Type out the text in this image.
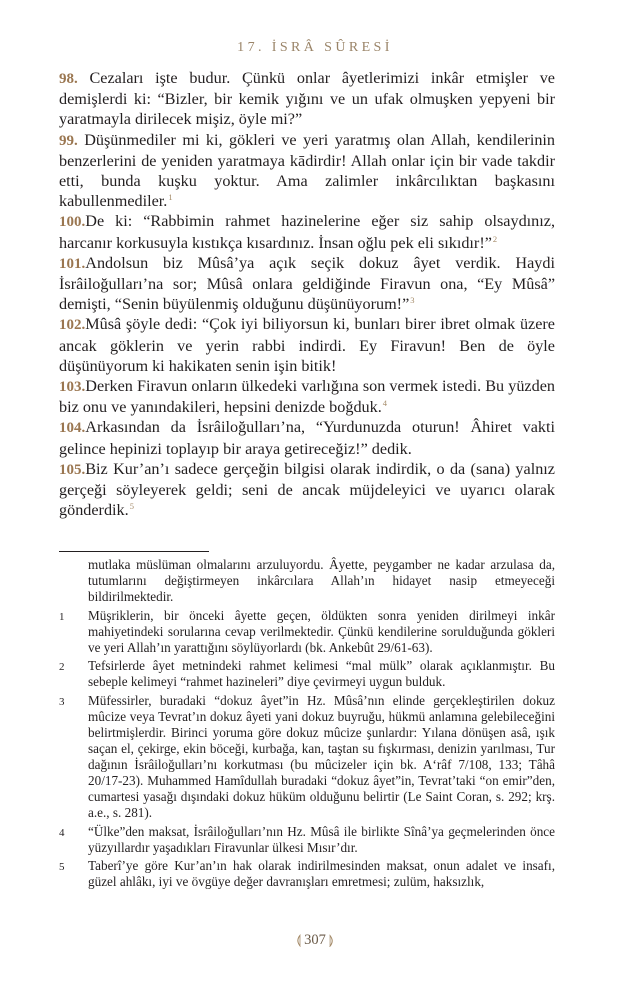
17. İSRÂ SÛRESİ

98. Cezaları işte budur. Çünkü onlar âyetlerimizi inkâr etmişler ve demişlerdi ki: “Bizler, bir kemik yığını ve un ufak olmuşken yepyeni bir yaratmayla dirilecek mişiz, öyle mi?”

99. Düşünmediler mi ki, gökleri ve yeri yaratmış olan Allah, kendilerinin benzerlerini de yeniden yaratmaya kādirdir! Allah onlar için bir vade takdir etti, bunda kuşku yoktur. Ama zalimler inkârcılıktan başkasını kabullenmediler.$^1$

100.De ki: “Rabbimin rahmet hazinelerine eğer siz sahip olsaydınız, harcanır korkusuyla kıstıkça kısardınız. İnsan oğlu pek eli sıkıdır!”$^2$

101.Andolsun biz Mûsâ’ya açık seçik dokuz âyet verdik. Haydi İsrâiloğulları’na sor; Mûsâ onlara geldiğinde Firavun ona, “Ey Mûsâ” demişti, “Senin büyülenmiş olduğunu düşünüyorum!”$^3$

102.Mûsâ şöyle dedi: “Çok iyi biliyorsun ki, bunları birer ibret olmak üzere ancak göklerin ve yerin rabbi indirdi. Ey Firavun! Ben de öyle düşünüyorum ki hakikaten senin işin bitik!

103.Derken Firavun onların ülkedeki varlığına son vermek istedi. Bu yüzden biz onu ve yanındakileri, hepsini denizde boğduk.$^4$

104.Arkasından da İsrâiloğulları’na, “Yurdunuzda oturun! Âhiret vakti gelince hepinizi toplayıp bir araya getireceğiz!” dedik.

105.Biz Kur’an’ı sadece gerçeğin bilgisi olarak indirdik, o da (sana) yalnız gerçeği söyleyerek geldi; seni de ancak müjdeleyici ve uyarıcı olarak gönderdik.$^5$

mutlaka müslüman olmalarını arzuluyordu. Âyette, peygamber ne kadar arzulasa da, tutumlarını değiştirmeyen inkârcılara Allah’ın hidayet nasip etmeyeceği bildirilmektedir.
1	Müşriklerin, bir önceki âyette geçen, öldükten sonra yeniden dirilmeyi inkâr mahiyetindeki sorularına cevap verilmektedir. Çünkü kendilerine sorulduğunda gökleri ve yeri Allah’ın yarattığını söylüyorlardı (bk. Ankebût 29/61-63).
2	Tefsirlerde âyet metnindeki rahmet kelimesi “mal mülk” olarak açıklanmıştır. Bu sebeple kelimeyi “rahmet hazineleri” diye çevirmeyi uygun bulduk.
3	Müfessirler, buradaki “dokuz âyet”in Hz. Mûsâ’nın elinde gerçekleştirilen dokuz mûcize veya Tevrat’ın dokuz âyeti yani dokuz buyruğu, hükmü anlamına gelebileceğini belirtmişlerdir. Birinci yoruma göre dokuz mûcize şunlardır: Yılana dönüşen asâ, ışık saçan el, çekirge, ekin böceği, kurbağa, kan, taştan su fışkırması, denizin yarılması, Tur dağının İsrâiloğulları’nı korkutması (bu mûcizeler için bk. A‘râf 7/108, 133; Tâhâ 20/17-23). Muhammed Hamîdullah buradaki “dokuz âyet”in, Tevrat’taki “on emir”den, cumartesi yasağı dışındaki dokuz hüküm olduğunu belirtir (Le Saint Coran, s. 292; krş. a.e., s. 281).
4	“Ülke”den maksat, İsrâiloğulları’nın Hz. Mûsâ ile birlikte Sînâ’ya geçmelerinden önce yüzyıllardır yaşadıkları Firavunlar ülkesi Mısır’dır.
5	Taberî’ye göre Kur’an’ın hak olarak indirilmesinden maksat, onun adalet ve insafı, güzel ahlâkı, iyi ve övgüye değer davranışları emretmesi; zulüm, haksızlık,
⟬ 307 ⟭
